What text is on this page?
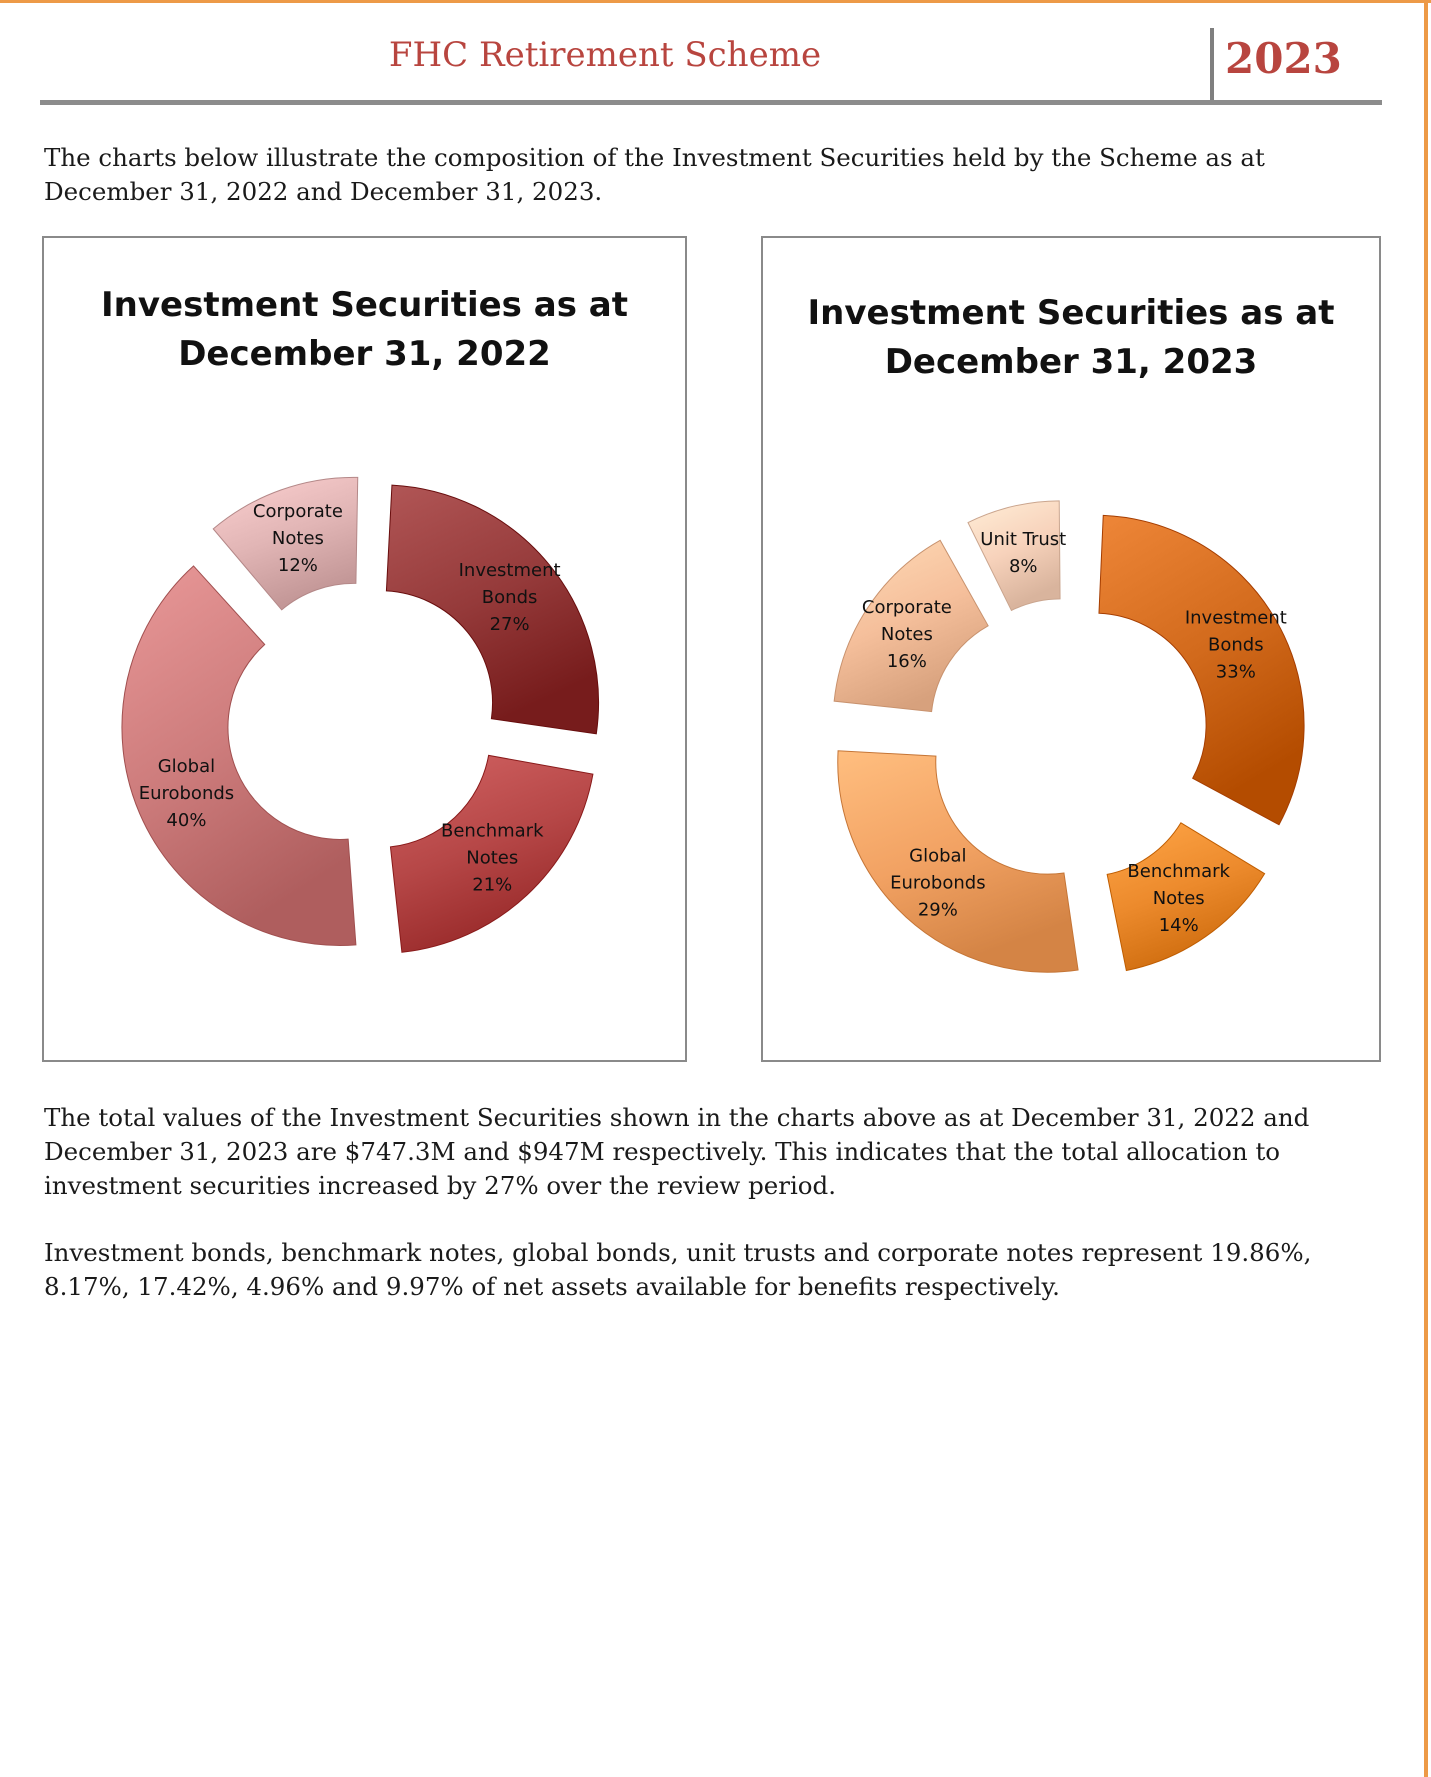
FHC Retirement Scheme	2023

The charts below illustrate the composition of the Investment Securities held by the Scheme as at December 31, 2022 and December 31, 2023.

Investment Securities as at
December 31, 2022
Investment Bonds 27%
Benchmark Notes 21%
Global Eurobonds 40%
Corporate Notes 12%
Investment Securities as at
December 31, 2023
Investment Bonds 33%
Benchmark Notes 14%
Global Eurobonds 29%
Corporate Notes 16%
Unit Trust 8%

The total values of the Investment Securities shown in the charts above as at December 31, 2022 and December 31, 2023 are $747.3M and $947M respectively. This indicates that the total allocation to investment securities increased by 27% over the review period.

Investment bonds, benchmark notes, global bonds, unit trusts and corporate notes represent 19.86%, 8.17%, 17.42%, 4.96% and 9.97% of net assets available for benefits respectively.
